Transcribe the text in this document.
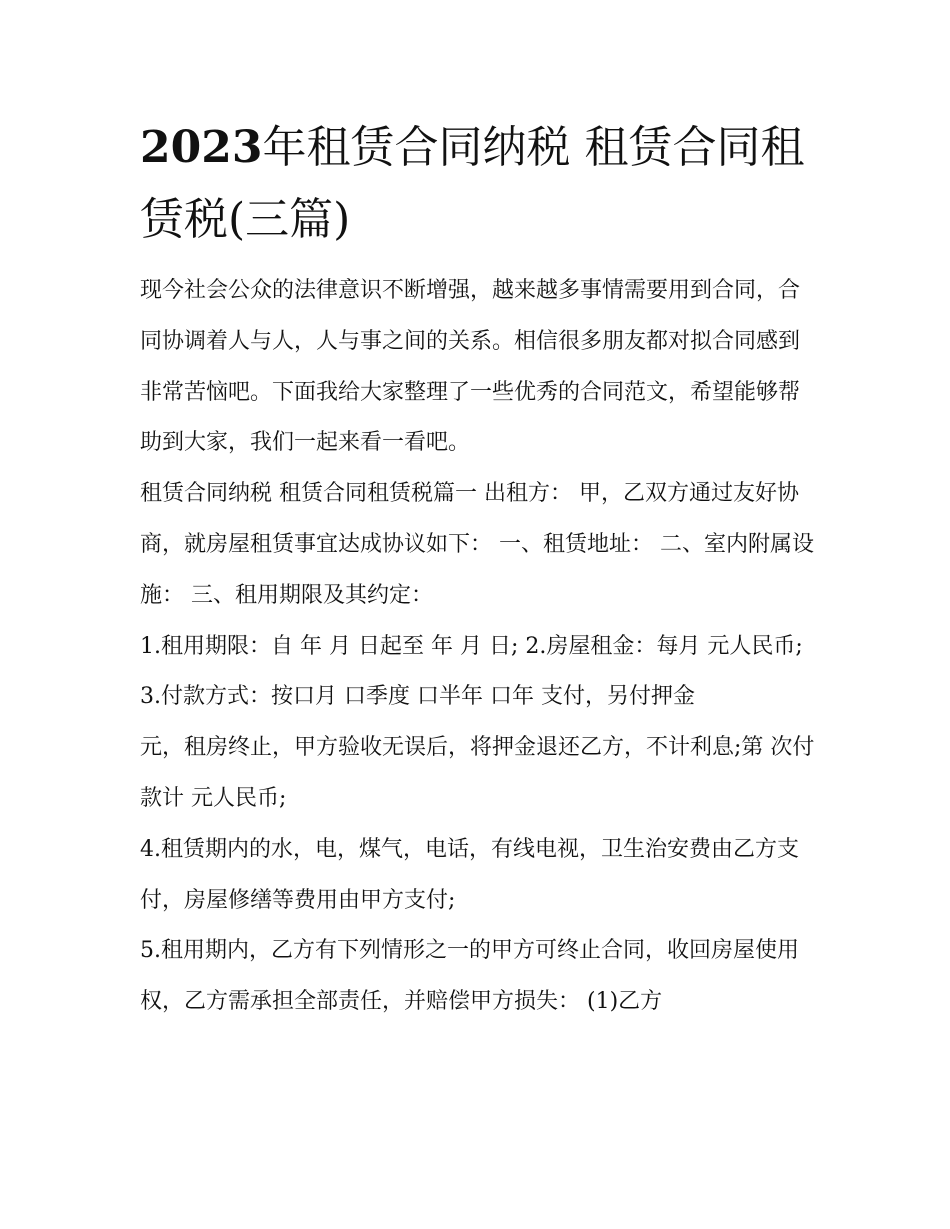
2023年租赁合同纳税 租赁合同租赁税(三篇)

现今社会公众的法律意识不断增强，越来越多事情需要用到合同，合同协调着人与人，人与事之间的关系。相信很多朋友都对拟合同感到非常苦恼吧。下面我给大家整理了一些优秀的合同范文，希望能够帮助到大家，我们一起来看一看吧。

租赁合同纳税 租赁合同租赁税篇一 出租方： 甲，乙双方通过友好协商，就房屋租赁事宜达成协议如下： 一、租赁地址： 二、室内附属设施： 三、租用期限及其约定：

1.租用期限：自 年 月 日起至 年 月 日; 2.房屋租金：每月 元人民币; 3.付款方式：按口月 口季度 口半年 口年 支付，另付押金

元，租房终止，甲方验收无误后，将押金退还乙方，不计利息;第 次付款计 元人民币;

4.租赁期内的水，电，煤气，电话，有线电视，卫生治安费由乙方支付，房屋修缮等费用由甲方支付;

5.租用期内，乙方有下列情形之一的甲方可终止合同，收回房屋使用权，乙方需承担全部责任，并赔偿甲方损失： (1)乙方
